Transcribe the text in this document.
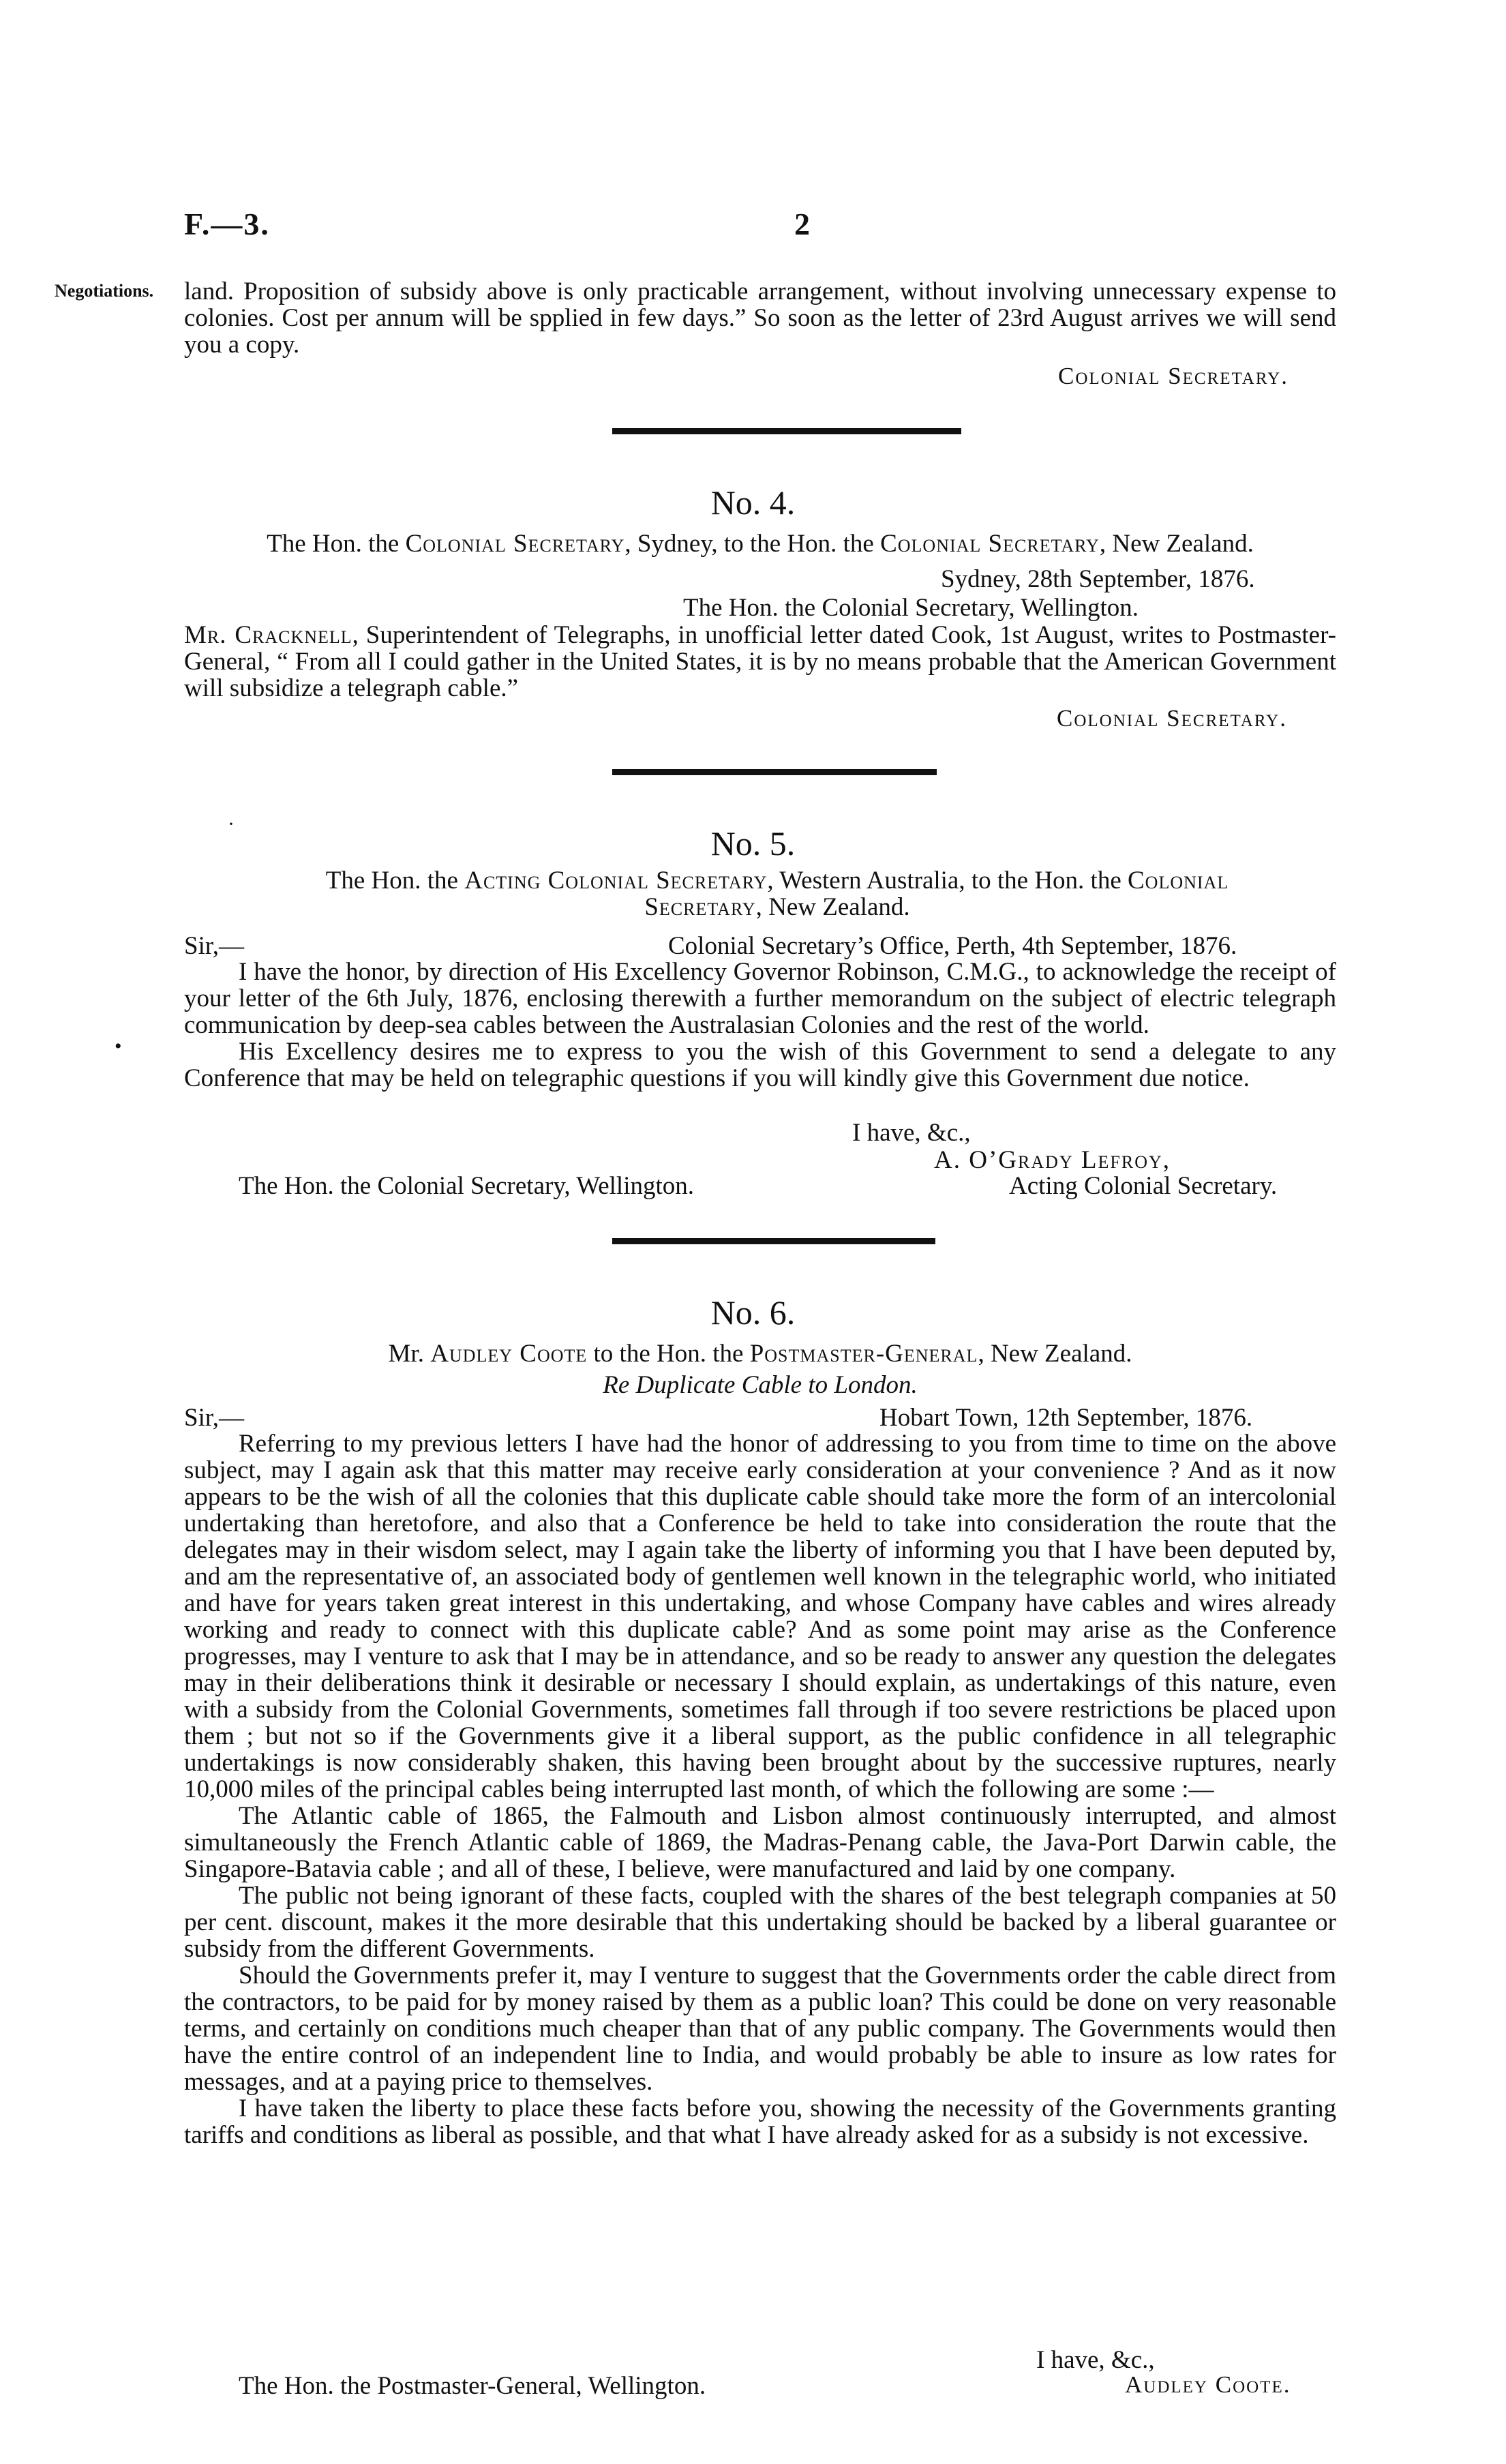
F.—3.	2
Negotiations. land. Proposition of subsidy above is only practicable arrangement, without involving unnecessary expense to colonies. Cost per annum will be spplied in few days.” So soon as the letter of 23rd August arrives we will send you a copy.

Colonial Secretary.
No. 4.
The Hon. the Colonial Secretary, Sydney, to the Hon. the Colonial Secretary, New Zealand.
Sydney, 28th September, 1876.
The Hon. the Colonial Secretary, Wellington.

Mr. Cracknell, Superintendent of Telegraphs, in unofficial letter dated Cook, 1st August, writes to Postmaster-General, “ From all I could gather in the United States, it is by no means probable that the American Government will subsidize a telegraph cable.”

Colonial Secretary.
No. 5.
The Hon. the Acting Colonial Secretary, Western Australia, to the Hon. the Colonial
Secretary, New Zealand.
Sir,—	Colonial Secretary’s Office, Perth, 4th September, 1876.

I have the honor, by direction of His Excellency Governor Robinson, C.M.G., to acknowledge the receipt of your letter of the 6th July, 1876, enclosing therewith a further memorandum on the subject of electric telegraph communication by deep-sea cables between the Australasian Colonies and the rest of the world.

His Excellency desires me to express to you the wish of this Government to send a delegate to any Conference that may be held on telegraphic questions if you will kindly give this Government due notice.

I have, &c.,
A. O’Grady Lefroy,
The Hon. the Colonial Secretary, Wellington.	Acting Colonial Secretary.
No. 6.
Mr. Audley Coote to the Hon. the Postmaster-General, New Zealand.
Re Duplicate Cable to London.
Sir,—	Hobart Town, 12th September, 1876.

Referring to my previous letters I have had the honor of addressing to you from time to time on the above subject, may I again ask that this matter may receive early consideration at your convenience ? And as it now appears to be the wish of all the colonies that this duplicate cable should take more the form of an intercolonial undertaking than heretofore, and also that a Conference be held to take into consideration the route that the delegates may in their wisdom select, may I again take the liberty of informing you that I have been deputed by, and am the representative of, an associated body of gentlemen well known in the telegraphic world, who initiated and have for years taken great interest in this undertaking, and whose Company have cables and wires already working and ready to connect with this duplicate cable? And as some point may arise as the Conference progresses, may I venture to ask that I may be in attendance, and so be ready to answer any question the delegates may in their deliberations think it desirable or necessary I should explain, as undertakings of this nature, even with a subsidy from the Colonial Governments, sometimes fall through if too severe restrictions be placed upon them ; but not so if the Governments give it a liberal support, as the public confidence in all telegraphic undertakings is now considerably shaken, this having been brought about by the successive ruptures, nearly 10,000 miles of the principal cables being interrupted last month, of which the following are some :—

The Atlantic cable of 1865, the Falmouth and Lisbon almost continuously interrupted, and almost simultaneously the French Atlantic cable of 1869, the Madras-Penang cable, the Java-Port Darwin cable, the Singapore-Batavia cable ; and all of these, I believe, were manufactured and laid by one company.

The public not being ignorant of these facts, coupled with the shares of the best telegraph companies at 50 per cent. discount, makes it the more desirable that this undertaking should be backed by a liberal guarantee or subsidy from the different Governments.

Should the Governments prefer it, may I venture to suggest that the Governments order the cable direct from the contractors, to be paid for by money raised by them as a public loan? This could be done on very reasonable terms, and certainly on conditions much cheaper than that of any public company. The Governments would then have the entire control of an independent line to India, and would probably be able to insure as low rates for messages, and at a paying price to themselves.

I have taken the liberty to place these facts before you, showing the necessity of the Governments granting tariffs and conditions as liberal as possible, and that what I have already asked for as a subsidy is not excessive.

I have, &c.,
The Hon. the Postmaster-General, Wellington.	Audley Coote.
·
•
